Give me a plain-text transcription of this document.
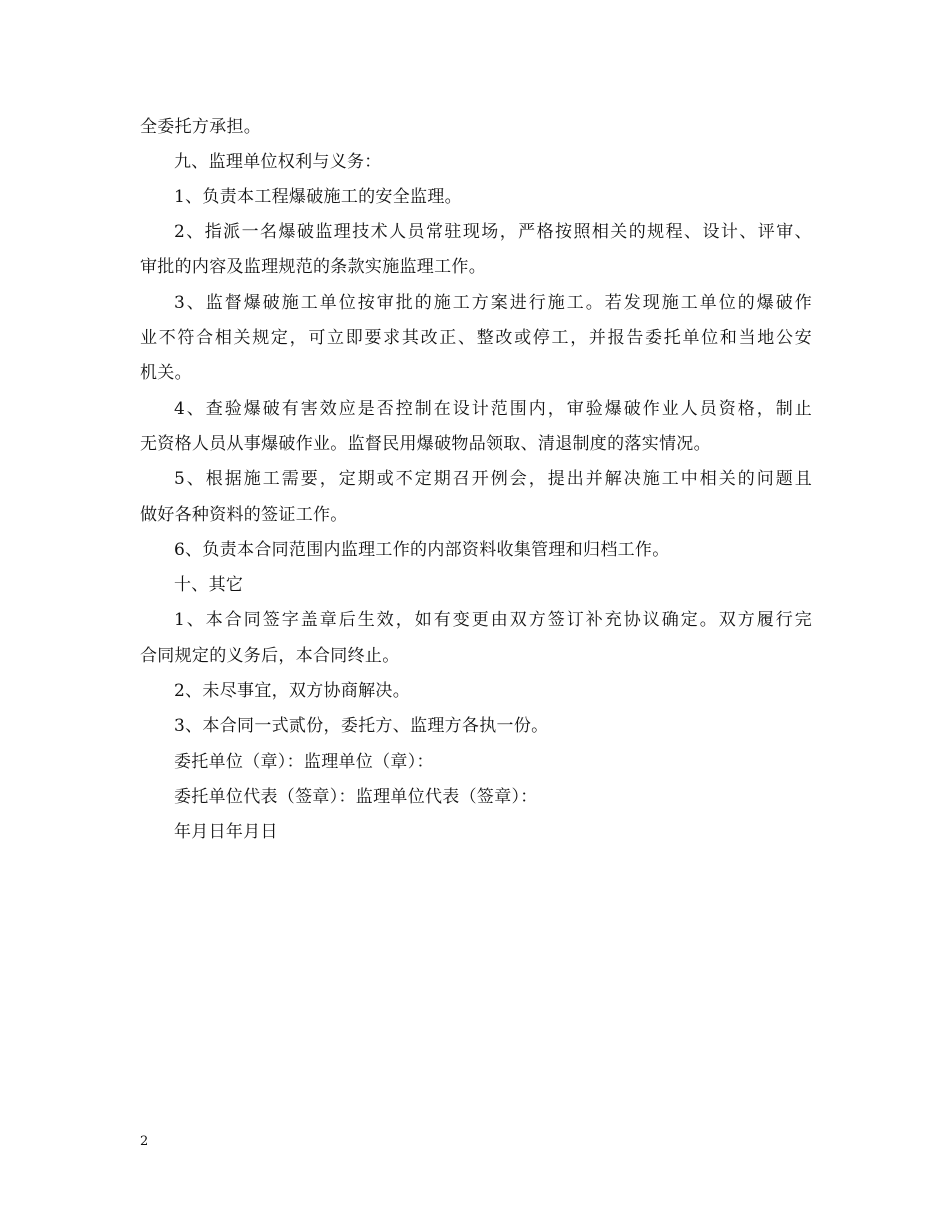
全委托方承担。
九、监理单位权利与义务：
1、负责本工程爆破施工的安全监理。
2、指派一名爆破监理技术人员常驻现场，严格按照相关的规程、设计、评审、
审批的内容及监理规范的条款实施监理工作。
3、监督爆破施工单位按审批的施工方案进行施工。若发现施工单位的爆破作
业不符合相关规定，可立即要求其改正、整改或停工，并报告委托单位和当地公安
机关。
4、查验爆破有害效应是否控制在设计范围内，审验爆破作业人员资格，制止
无资格人员从事爆破作业。监督民用爆破物品领取、清退制度的落实情况。
5、根据施工需要，定期或不定期召开例会，提出并解决施工中相关的问题且
做好各种资料的签证工作。
6、负责本合同范围内监理工作的内部资料收集管理和归档工作。
十、其它
1、本合同签字盖章后生效，如有变更由双方签订补充协议确定。双方履行完
合同规定的义务后，本合同终止。
2、未尽事宜，双方协商解决。
3、本合同一式贰份，委托方、监理方各执一份。
委托单位（章）：监理单位（章）：
委托单位代表（签章）：监理单位代表（签章）：
年月日年月日
2
